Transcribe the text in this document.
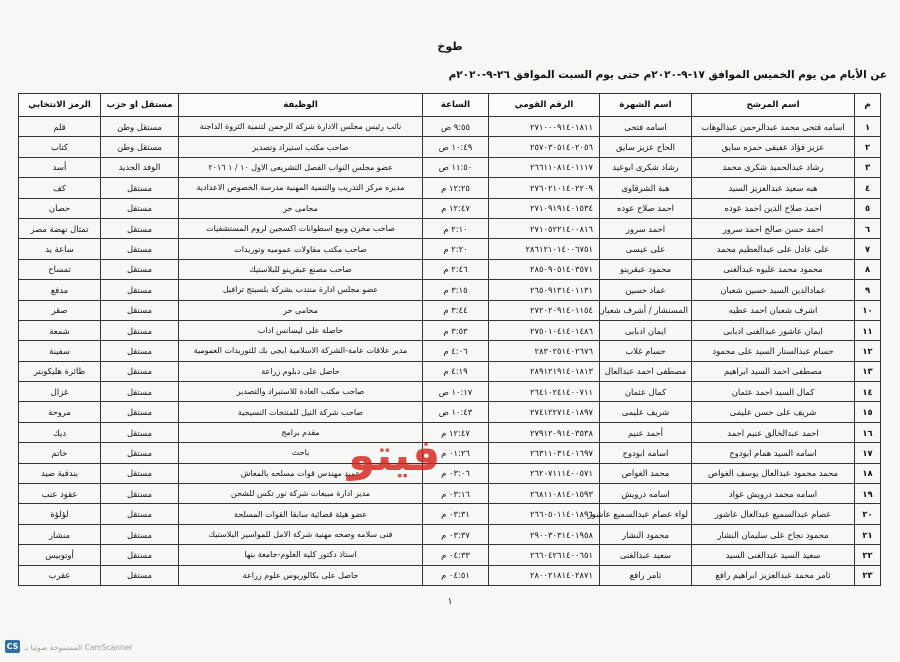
طوخ
عن الأيام من يوم الخميس الموافق ١٧-٩-٢٠٢٠م حتى يوم السبت الموافق ٢٦-٩-٢٠٢٠م
م	اسم المرشح	اسم الشهرة	الرقم القومي	الساعة	الوظيفة	مستقل او حزب	الرمز الانتخابي
١	اسامه فتحى محمد عبدالرحمن عبدالوهاب	اسامه فتحى	٢٧١٠٠٠٩١٤٠١٨١١	٩:٥٥ ص	نائب رئيس مجلس الادارة شركة الرحمن لتنمية الثروة الداجنة	مستقل وطن	قلم
٢	عزيز فؤاد عفيفى حمزه سايق	الحاج عزيز سايق	٢٥٧٠٣٠٥١٤٠٢٠٥٦	١٠:٤٩ ص	صاحب مكتب استيراد وتصدير	مستقل وطن	كتاب
٣	رشاد عبدالحميد شكرى محمد	رشاد شكرى ابوعيد	٢٦٦١١٠٨١٤٠١١١٧	١١:٥٠ ص	عضو مجلس النواب الفصل التشريعى الاول ١٠ / ١ ٢٠١٦	الوفد الجديد	أسد
٤	هبه سعيد عبدالعزيز السيد	هبة الشرقاوى	٢٧٦٠٢١٠١٤٠٢٢٠٩	١٢:٢٥ م	مديره مركز التدريب والتنمية المهنية مدرسة الخصوص الاعدادية	مستقل	كف
٥	احمد صلاح الدين احمد عوده	احمد صلاح عوده	٢٧١٠٩١٩١٤٠١٥٣٤	١٢:٤٧ م	محامى حر	مستقل	حصان
٦	احمد حسن صالح احمد سرور	احمد سرور	٢٧١٠٥٢٢١٤٠٠٨١٦	٢:١٠ م	صاحب مخزن وبيع اسطوانات اكسجين لزوم المستشفيات	مستقل	تمثال نهضة مصر
٧	على عادل على عبدالعظيم محمد	على عيسى	٢٨٦١٢١٠١٤٠٠٦٧٥١	٢:٢٠ م	صاحب مكتب مقاولات عموميه وتوريدات	مستقل	ساعة يد
٨	محمود محمد عليوه عبدالغنى	محمود عبقرينو	٢٨٥٠٩٠٥١٤٠٣٥٧١	٢:٤٦ م	صاحب مصنع عبقرينو للبلاستيك	مستقل	تمساح
٩	عمادالدين السيد حسين شعبان	عماد حسين	٢٦٥٠٩١٣١٤٠١١٣١	٣:١٥ م	عضو مجلس ادارة منتدب بشركة بلسيتج ترافيل	مستقل	مدفع
١٠	اشرف شعبان احمد عطيه	المستشار / أشرف شعبان	٢٧٢٠٢٠٩١٤٠١١٥٤	٣:٤٤ م	محامى حر	مستقل	صقر
١١	ايمان عاشور عبدالغنى ادبابى	ايمان ادبابى	٢٧٥٠١٠٤١٤٠١٤٨٦	٣:٥٣ م	حاصلة على ليسانس اداب	مستقل	شمعة
١٢	حسام عبدالستار السيد على محمود	حسام غلاب	٢٨٣٠٢٥١٤٠٢٦٧٦	٤:٠٦ م	مدير علاقات عامة-الشركة الاسلامية ايجى بك للتوريدات العمومية	مستقل	سفينة
١٣	مصطفى احمد السيد ابراهيم	مصطفى احمد عبدالعال	٢٨٩١٢١٩١٤٠١٨١٣	٤:١٩ م	حاصل على دبلوم زراعة	مستقل	طائرة هليكوبتر
١٤	كمال السيد احمد عثمان	كمال عثمان	٢٦٤١٠٢٤١٤٠٠٧١١	١٠:١٧ ص	صاحب مكتب العادة للاستيراد والتصدير	مستقل	غزال
١٥	شريف على حسن عليمى	شريف عليمى	٢٧٤١٢٢٧١٤٠١٨٩٧	١٠:٤٣ ص	صاحب شركة النيل للمنتجات النسيجية	مستقل	مروحة
١٦	احمد عبدالخالق عنيم احمد	أحمد عنيم	٢٧٩١٢٠٩١٤٠٣٥٣٨	١٢:٤٧ م	مقدم برامج	مستقل	ديك
١٧	اسامه السيد همام ابودوح	اسامه ابودوح	٢٦٣١١٠٣١٤٠١٦٩٧	٠١:٢٦ م	باحث	مستقل	خاتم
١٨	محمد محمود عبدالعال يوسف الغواص	محمد الغواص	٢٦٢٠٧١١١٤٠٠٥٧١	٠٣:٠٦ م	عميد مهندس قوات مسلحه بالمعاش	مستقل	بندقية صيد
١٩	اسامه محمد درويش عواد	اسامه درويش	٢٦٨١١٠٨١٤٠١٥٩٣	٠٣:١٦ م	مدير ادارة مبيعات شركة نور تكس للشحن	مستقل	عقود عنب
٢٠	عصام عبدالسميع عبدالعال عاشور	لواء عصام عبدالسميع عاشور	٢٦٦٠٥٠١١٤٠١٨٩٦	٠٣:٣١ م	عضو هيئة قضائية سابقا القوات المسلحة	مستقل	لؤلؤة
٢١	محمود نجاح على سليمان النشار	محمود النشار	٢٩٠٠٣٠٣١٤٠١٩٥٨	٠٣:٣٧ م	فنى سلامه وصحه مهنية شركة الامل للمواسير البلاستيك	مستقل	منشار
٢٢	سعيد السيد عبدالغنى السيد	سعيد عبدالغنى	٢٦٦٠٤٢٦١٤٠٠٦٥١	٠٤:٣٣ م	استاذ دكتور كلية العلوم-جامعة بنها	مستقل	أوتوبيس
٢٣	ثامر محمد عبدالعزيز ابراهيم رافع	ثامر رافع	٢٨٠٠٢١٨١٤٠٢٨٧١	٠٤:٥١ م	حاصل على بكالوريوس علوم زراعة	مستقل	عقرب
فيتو
١
CS الممسوحة ضوئيا بـ CamScanner
